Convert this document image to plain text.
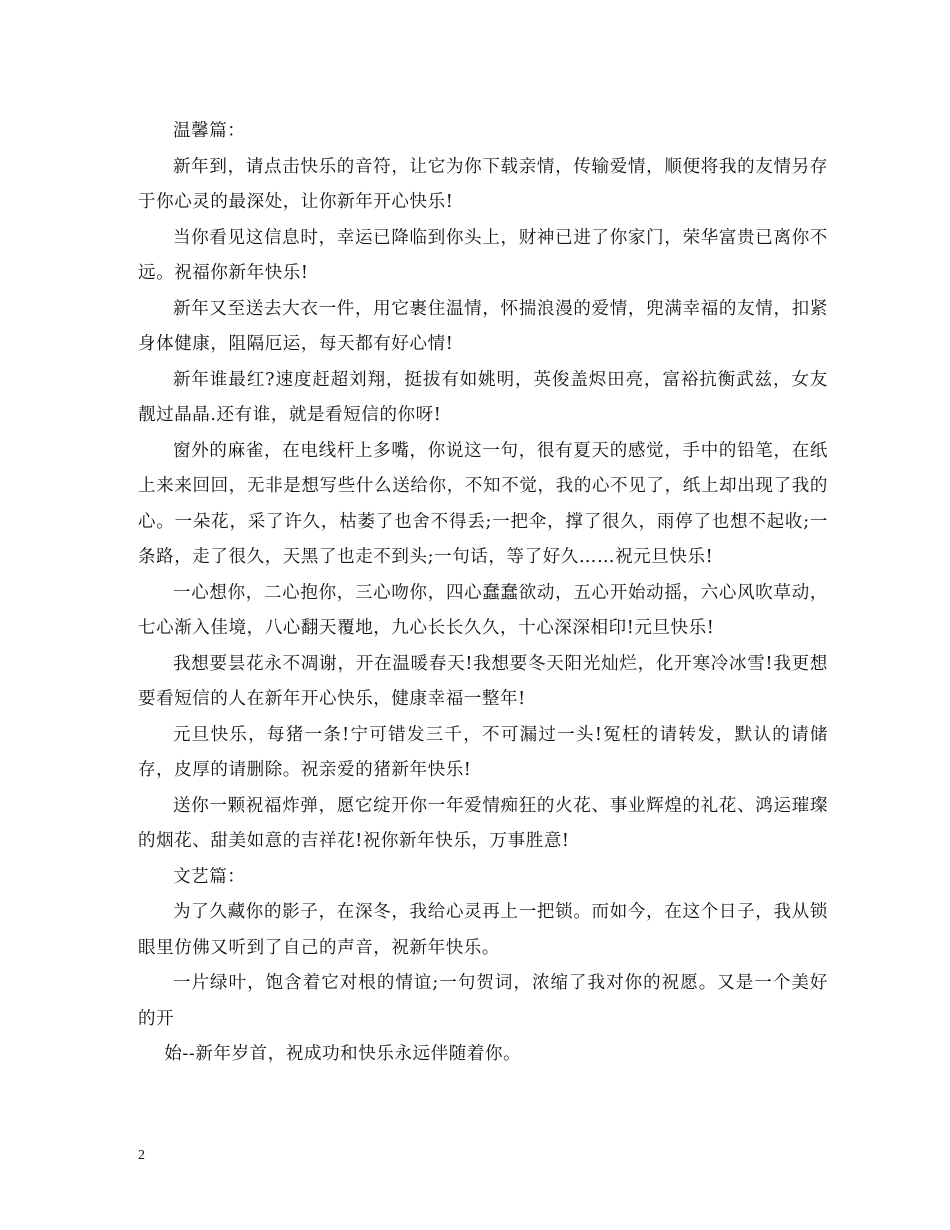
温馨篇：

新年到，请点击快乐的音符，让它为你下载亲情，传输爱情，顺便将我的友情另存于你心灵的最深处，让你新年开心快乐!

当你看见这信息时，幸运已降临到你头上，财神已进了你家门，荣华富贵已离你不远。祝福你新年快乐!

新年又至送去大衣一件，用它裹住温情，怀揣浪漫的爱情，兜满幸福的友情，扣紧身体健康，阻隔厄运，每天都有好心情!

新年谁最红?速度赶超刘翔，挺拔有如姚明，英俊盖烬田亮，富裕抗衡武兹，女友靓过晶晶.还有谁，就是看短信的你呀!

窗外的麻雀，在电线杆上多嘴，你说这一句，很有夏天的感觉，手中的铅笔，在纸上来来回回，无非是想写些什么送给你，不知不觉，我的心不见了，纸上却出现了我的心。一朵花，采了许久，枯萎了也舍不得丢;一把伞，撑了很久，雨停了也想不起收;一条路，走了很久，天黑了也走不到头;一句话，等了好久……祝元旦快乐!

一心想你，二心抱你，三心吻你，四心蠢蠢欲动，五心开始动摇，六心风吹草动，七心渐入佳境，八心翻天覆地，九心长长久久，十心深深相印!元旦快乐!

我想要昙花永不凋谢，开在温暖春天!我想要冬天阳光灿烂，化开寒冷冰雪!我更想要看短信的人在新年开心快乐，健康幸福一整年!

元旦快乐，每猪一条!宁可错发三千，不可漏过一头!冤枉的请转发，默认的请储存，皮厚的请删除。祝亲爱的猪新年快乐!

送你一颗祝福炸弹，愿它绽开你一年爱情痴狂的火花、事业辉煌的礼花、鸿运璀璨的烟花、甜美如意的吉祥花!祝你新年快乐，万事胜意!

文艺篇：

为了久藏你的影子，在深冬，我给心灵再上一把锁。而如今，在这个日子，我从锁眼里仿佛又听到了自己的声音，祝新年快乐。

一片绿叶，饱含着它对根的情谊;一句贺词，浓缩了我对你的祝愿。又是一个美好的开

始--新年岁首，祝成功和快乐永远伴随着你。

2
